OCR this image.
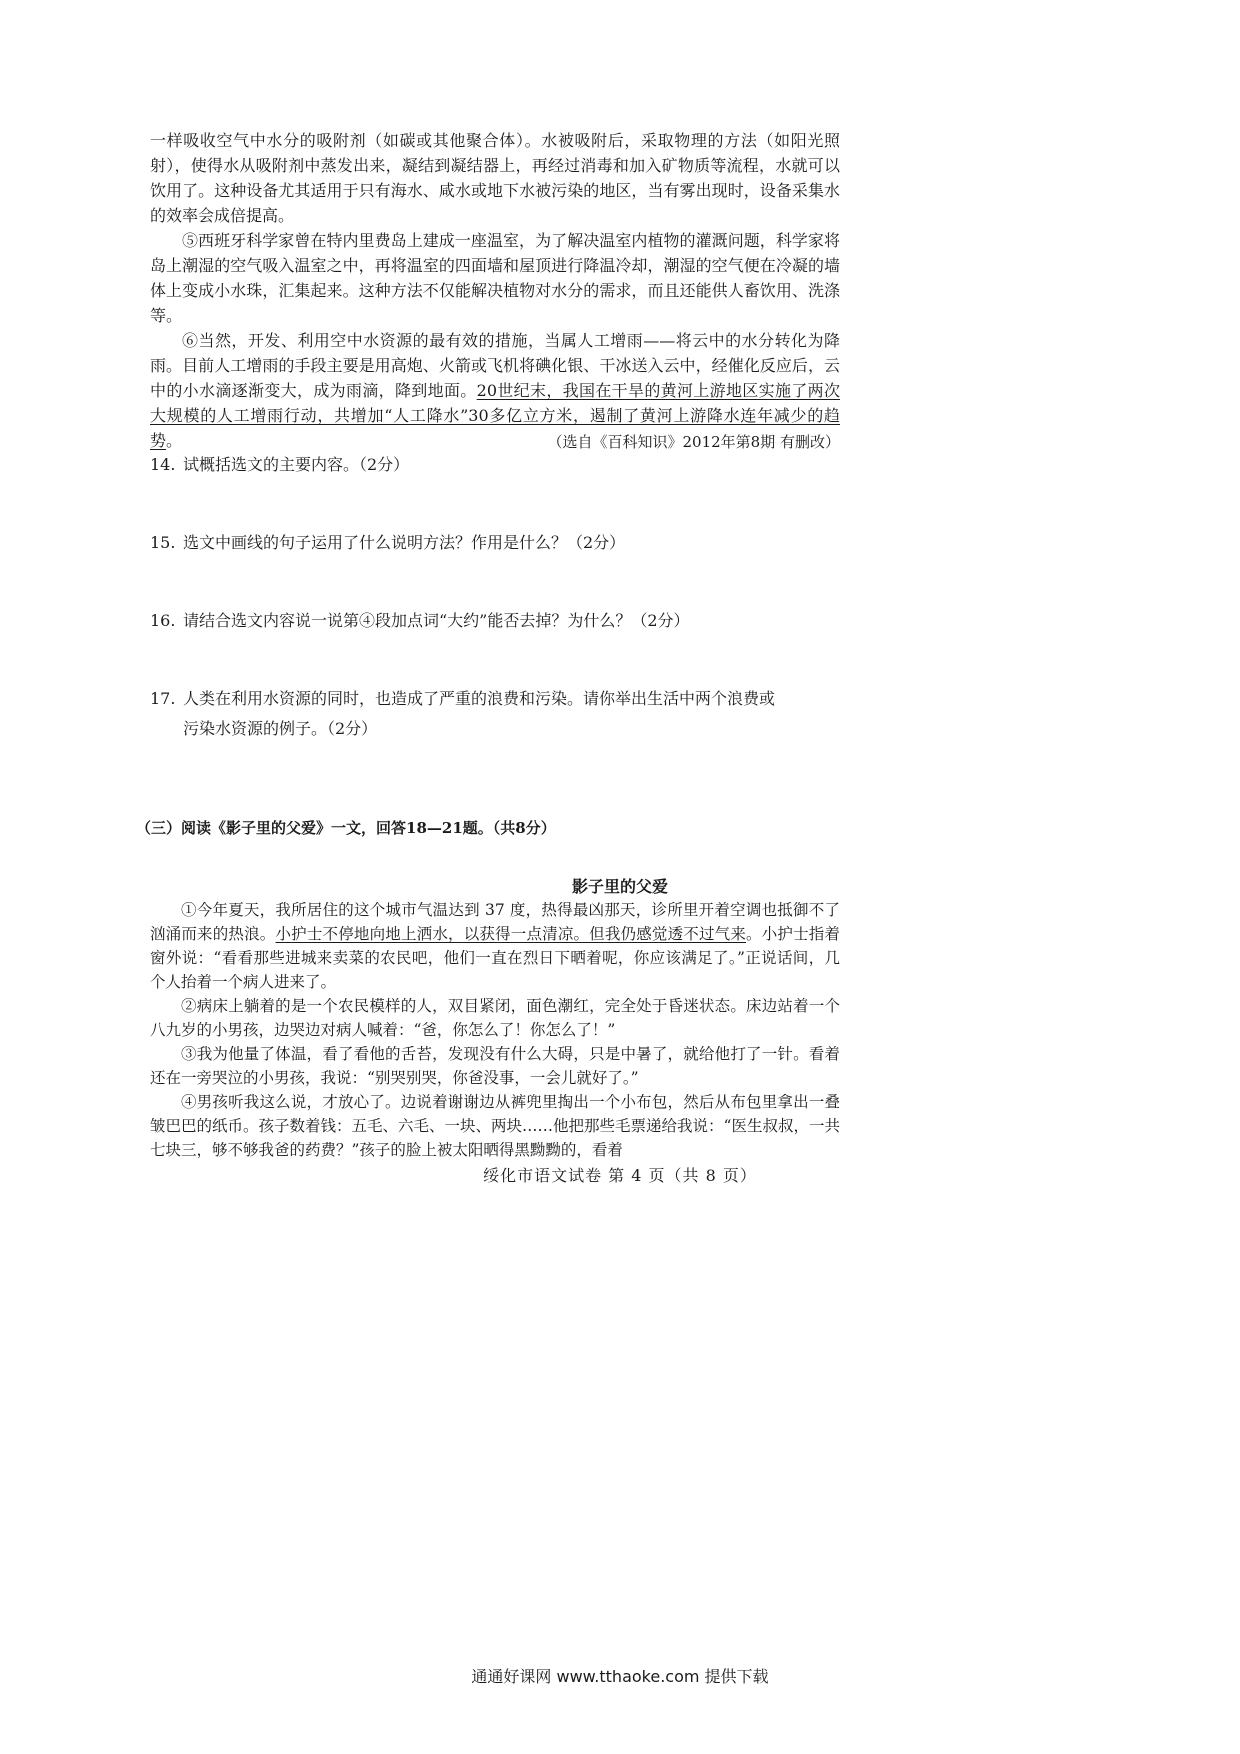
一样吸收空气中水分的吸附剂（如碳或其他聚合体）。水被吸附后，采取物理的方法（如阳光照射），使得水从吸附剂中蒸发出来，凝结到凝结器上，再经过消毒和加入矿物质等流程，水就可以饮用了。这种设备尤其适用于只有海水、咸水或地下水被污染的地区，当有雾出现时，设备采集水的效率会成倍提高。

⑤西班牙科学家曾在特内里费岛上建成一座温室，为了解决温室内植物的灌溉问题，科学家将岛上潮湿的空气吸入温室之中，再将温室的四面墙和屋顶进行降温冷却，潮湿的空气便在冷凝的墙体上变成小水珠，汇集起来。这种方法不仅能解决植物对水分的需求，而且还能供人畜饮用、洗涤等。

⑥当然，开发、利用空中水资源的最有效的措施，当属人工增雨——将云中的水分转化为降雨。目前人工增雨的手段主要是用高炮、火箭或飞机将碘化银、干冰送入云中，经催化反应后，云中的小水滴逐渐变大，成为雨滴，降到地面。20世纪末，我国在干旱的黄河上游地区实施了两次大规模的人工增雨行动，共增加“人工降水”30多亿立方米，遏制了黄河上游降水连年减少的趋势。	（选自《百科知识》2012年第8期 有删改）
14. 试概括选文的主要内容。（2分）
15. 选文中画线的句子运用了什么说明方法？作用是什么？（2分）
16. 请结合选文内容说一说第④段加点词“大约”能否去掉？为什么？（2分）
17. 人类在利用水资源的同时，也造成了严重的浪费和污染。请你举出生活中两个浪费或
污染水资源的例子。（2分）
（三）阅读《影子里的父爱》一文，回答18—21题。（共8分）
影子里的父爱

①今年夏天，我所居住的这个城市气温达到 37 度，热得最凶那天，诊所里开着空调也抵御不了汹涌而来的热浪。小护士不停地向地上洒水，以获得一点清凉。但我仍感觉透不过气来。小护士指着窗外说：“看看那些进城来卖菜的农民吧，他们一直在烈日下晒着呢，你应该满足了。”正说话间，几个人抬着一个病人进来了。

②病床上躺着的是一个农民模样的人，双目紧闭，面色潮红，完全处于昏迷状态。床边站着一个八九岁的小男孩，边哭边对病人喊着：“爸，你怎么了！你怎么了！”

③我为他量了体温，看了看他的舌苔，发现没有什么大碍，只是中暑了，就给他打了一针。看着还在一旁哭泣的小男孩，我说：“别哭别哭，你爸没事，一会儿就好了。”

④男孩听我这么说，才放心了。边说着谢谢边从裤兜里掏出一个小布包，然后从布包里拿出一叠皱巴巴的纸币。孩子数着钱：五毛、六毛、一块、两块……他把那些毛票递给我说：“医生叔叔，一共七块三，够不够我爸的药费？”孩子的脸上被太阳晒得黑黝黝的，看着

绥化市语文试卷 第 4 页（共 8 页）
通通好课网 www.tthaoke.com 提供下载
